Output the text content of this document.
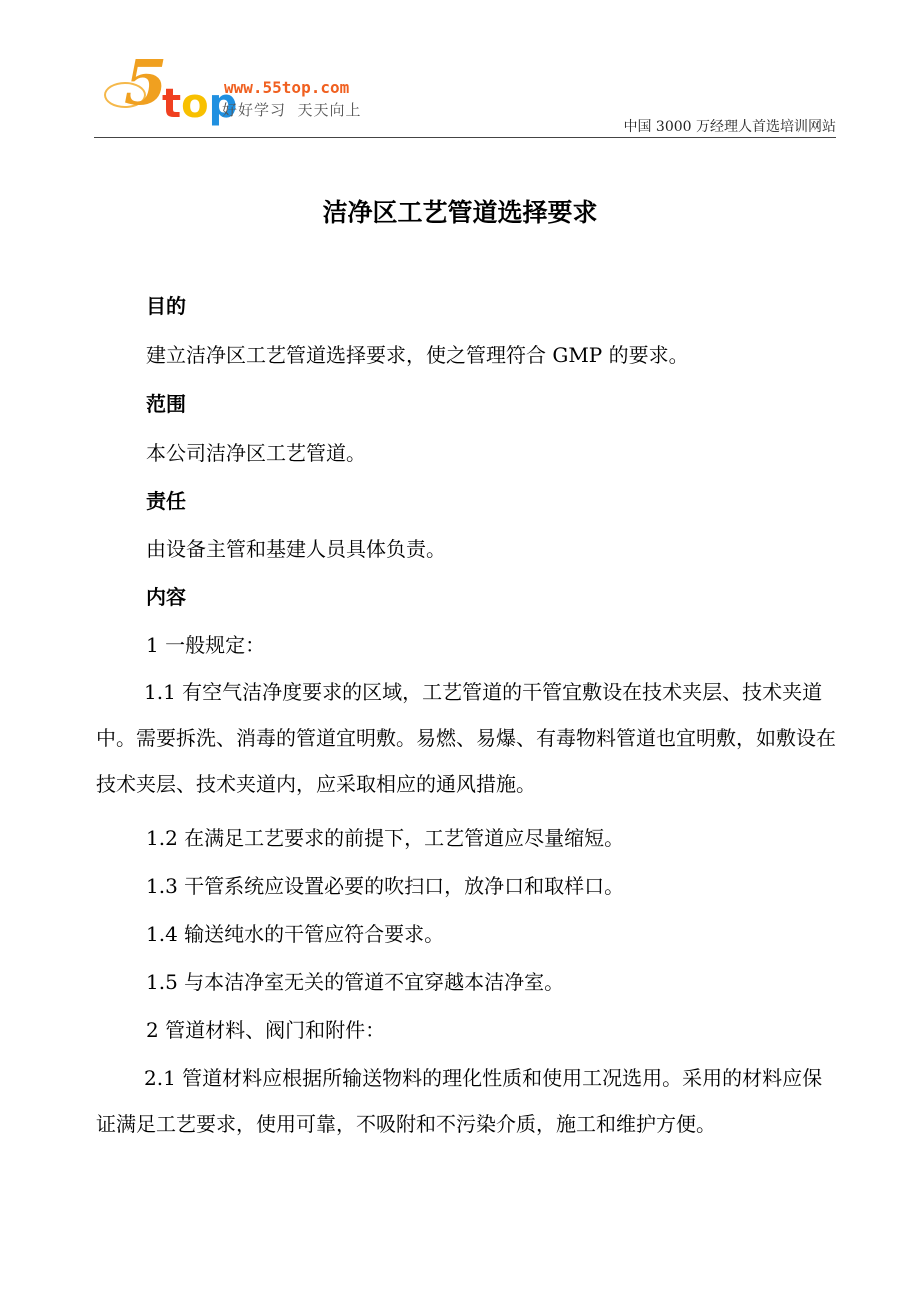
5
t o p
www.55top.com
好好学习  天天向上
中国 3000 万经理人首选培训网站
洁净区工艺管道选择要求
目的
建立洁净区工艺管道选择要求，使之管理符合 GMP 的要求。
范围
本公司洁净区工艺管道。
责任
由设备主管和基建人员具体负责。
内容
1 一般规定：
1.1 有空气洁净度要求的区域，工艺管道的干管宜敷设在技术夹层、技术夹道中。需要拆洗、消毒的管道宜明敷。易燃、易爆、有毒物料管道也宜明敷，如敷设在技术夹层、技术夹道内，应采取相应的通风措施。
1.2 在满足工艺要求的前提下，工艺管道应尽量缩短。
1.3 干管系统应设置必要的吹扫口，放净口和取样口。
1.4 输送纯水的干管应符合要求。
1.5 与本洁净室无关的管道不宜穿越本洁净室。
2 管道材料、阀门和附件：
2.1 管道材料应根据所输送物料的理化性质和使用工况选用。采用的材料应保证满足工艺要求，使用可靠，不吸附和不污染介质，施工和维护方便。
